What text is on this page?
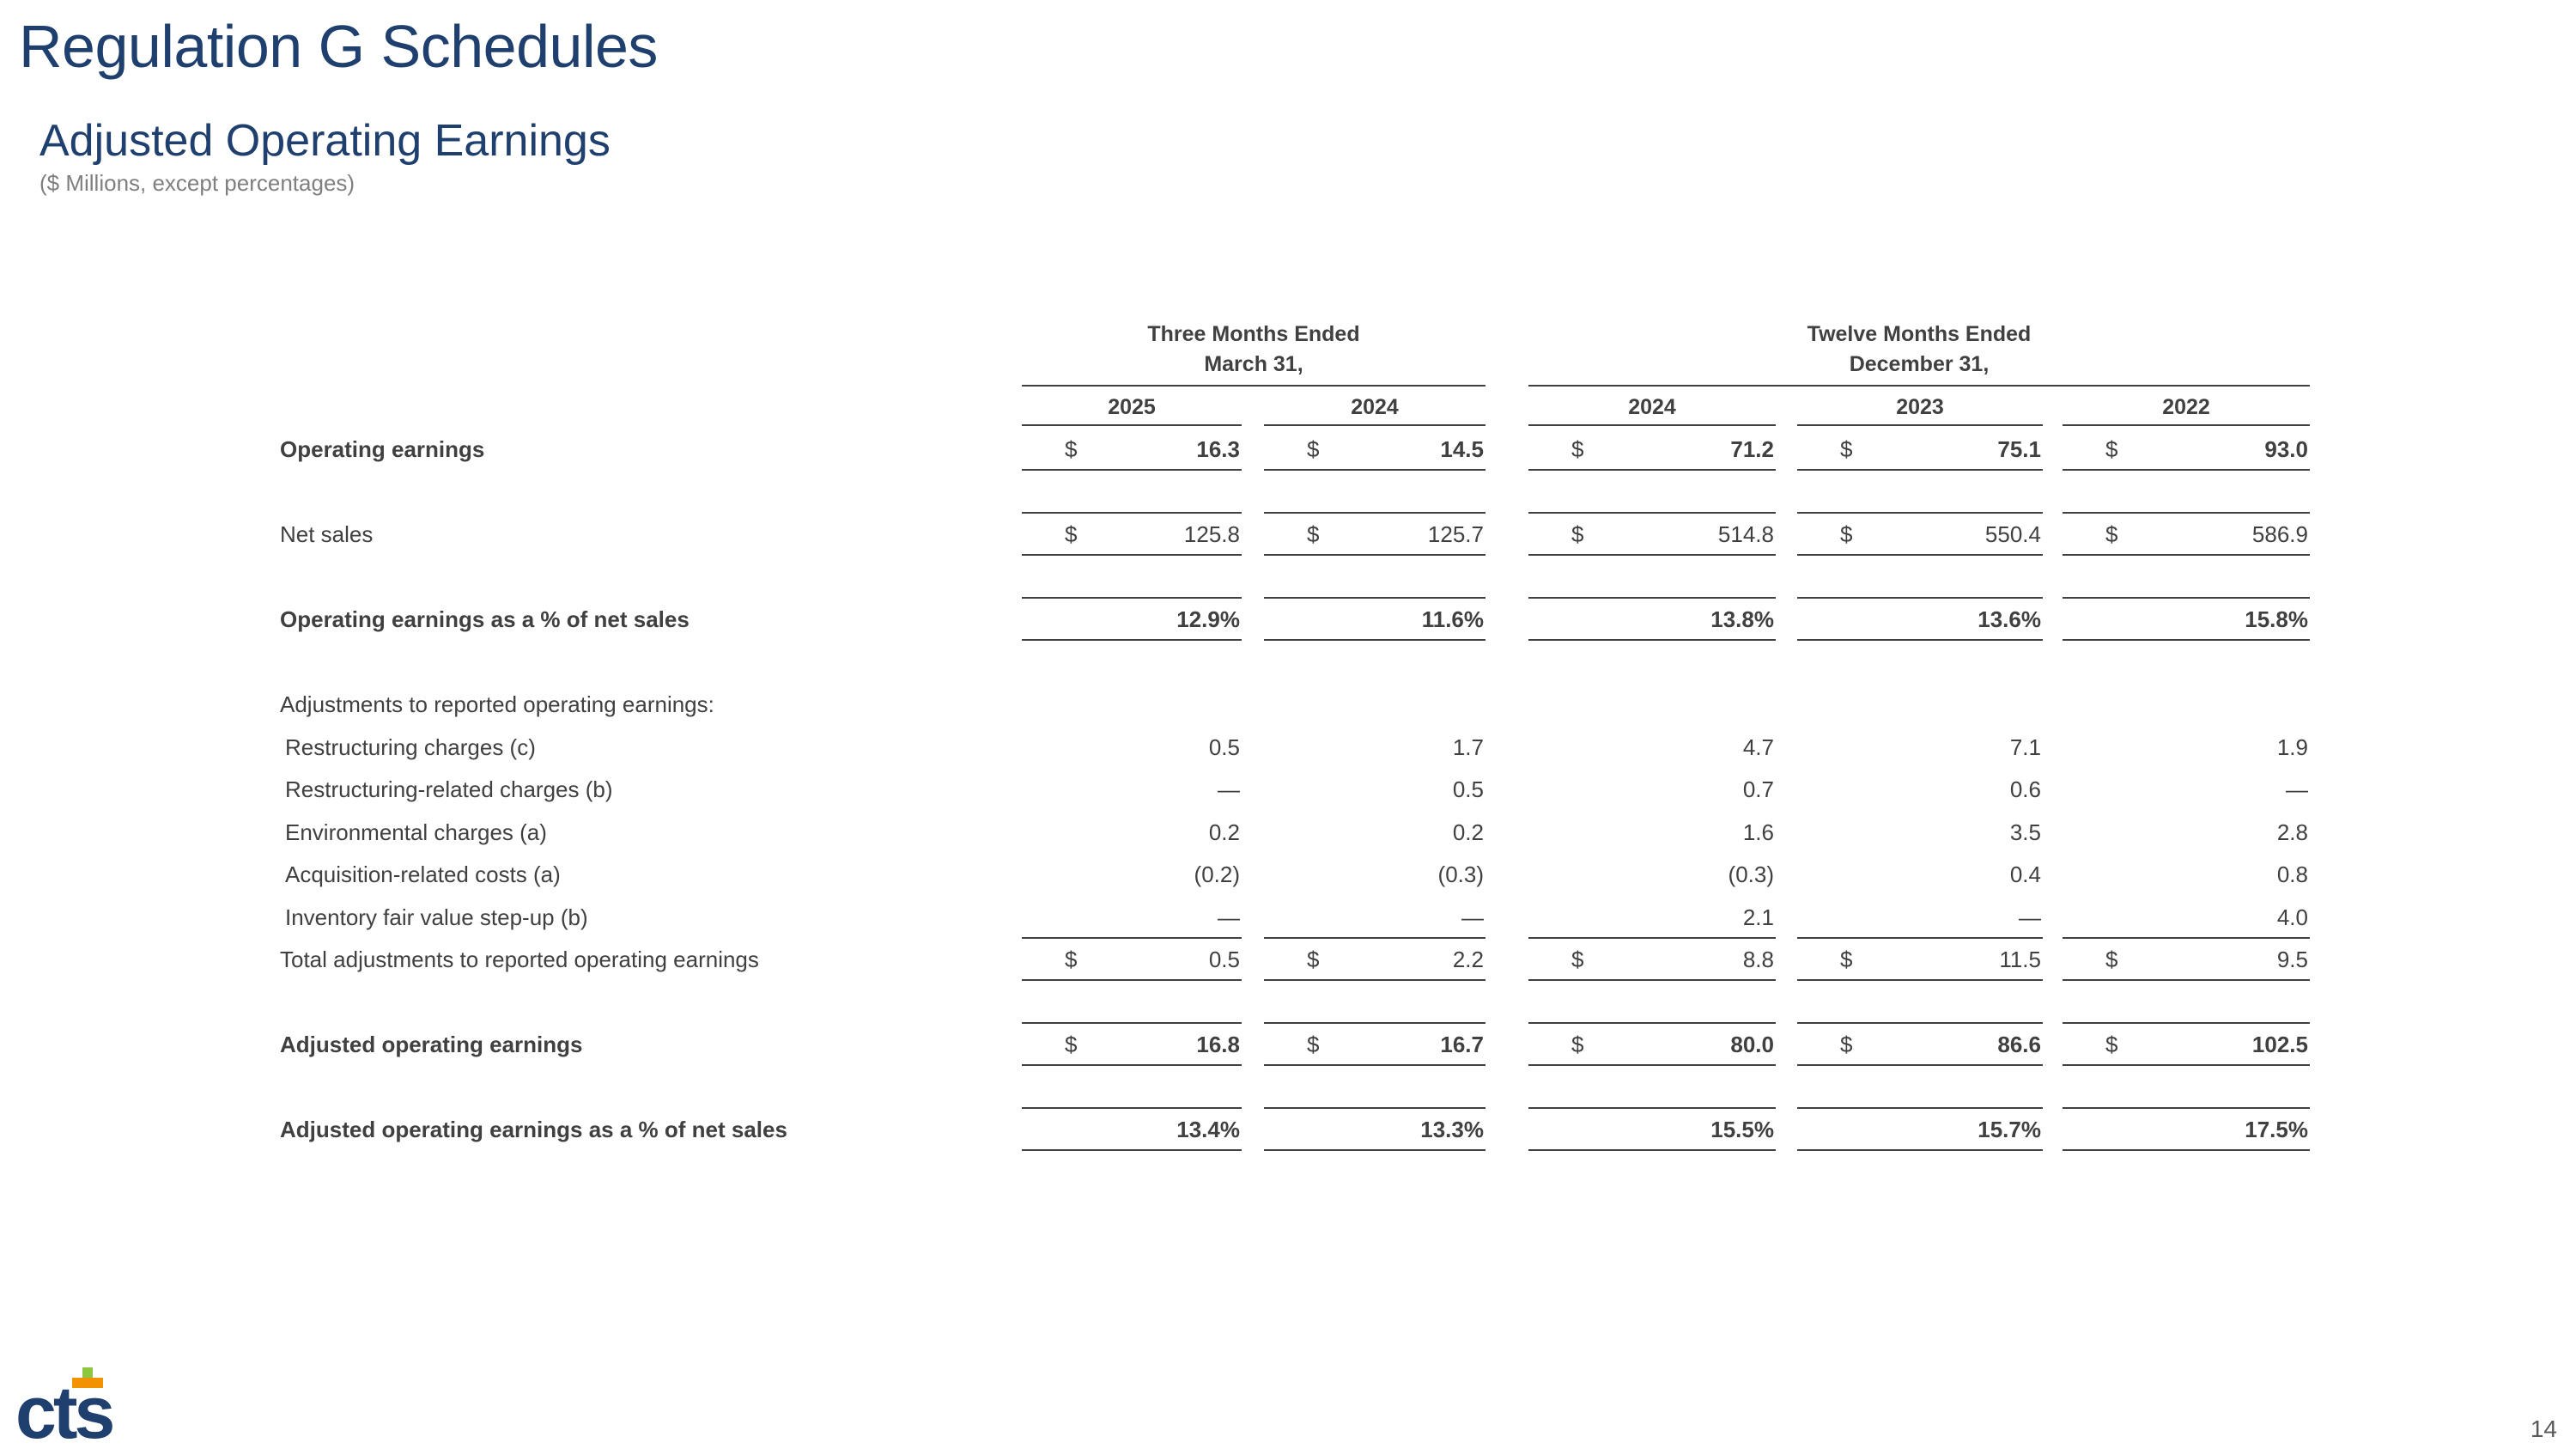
Regulation G Schedules
Adjusted Operating Earnings

($ Millions, except percentages)

Three Months Ended
March 31,
Twelve Months Ended
December 31,
2025	2024	2024	2023	2022
Operating earnings	$	16.3	$	14.5	$	71.2	$	75.1	$	93.0
Net sales	$	125.8	$	125.7	$	514.8	$	550.4	$	586.9
Operating earnings as a % of net sales	12.9%	11.6%	13.8%	13.6%	15.8%
Adjustments to reported operating earnings:
Restructuring charges (c)	0.5	1.7	4.7	7.1	1.9
Restructuring-related charges (b)	—	0.5	0.7	0.6	—
Environmental charges (a)	0.2	0.2	1.6	3.5	2.8
Acquisition-related costs (a)	(0.2)	(0.3)	(0.3)	0.4	0.8
Inventory fair value step-up (b)	—	—	2.1	—	4.0
Total adjustments to reported operating earnings	$	0.5	$	2.2	$	8.8	$	11.5	$	9.5
Adjusted operating earnings	$	16.8	$	16.7	$	80.0	$	86.6	$	102.5
Adjusted operating earnings as a % of net sales	13.4%	13.3%	15.5%	15.7%	17.5%
cts	14
